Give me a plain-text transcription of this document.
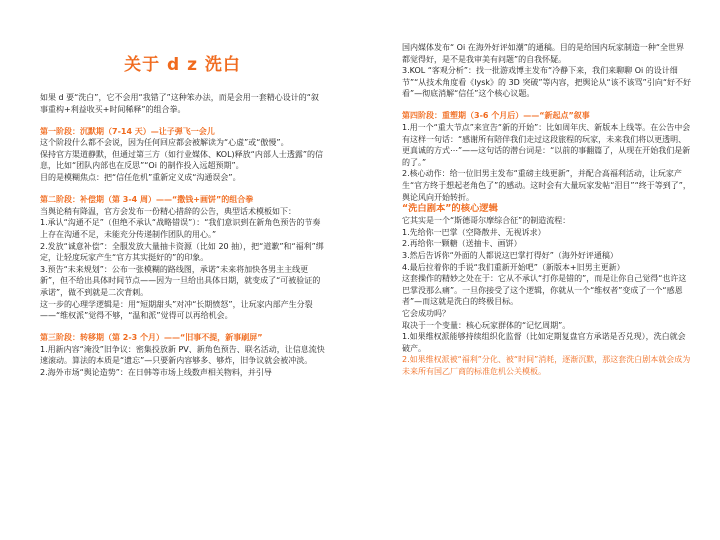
关于 d z 洗白
如果 d 要“洗白”，它不会用“我错了”这种笨办法，而是会用一套精心设计的“叙事重构+利益收买+时间稀释”的组合拳。
第一阶段：沉默期（7-14 天）—让子弹飞一会儿
这个阶段什么都不会说，因为任何回应都会被解读为“心虚”或“傲慢”。
保持官方渠道静默，但通过第三方（如行业媒体、KOL)释放“内部人士透露”的信息，比如“团队内部也在反思”“Oi 的制作投入远超预期”。
目的是模糊焦点：把“信任危机”重新定义成“沟通误会”。
第二阶段：补偿期（第 3-4 周）——“撒钱+画饼”的组合拳
当舆论稍有降温，官方会发布一份精心措辞的公告，典型话术模板如下：
1.承认“沟通不足”（但绝不承认“战略错误”）：“我们意识到在新角色预告的节奏上存在沟通不足，未能充分传递制作团队的用心。”
2.发放“诚意补偿”：全服发放大量抽卡资源（比如 20 抽），把“道歉”和“福利”绑定，让轻度玩家产生“官方其实挺好的”的印象。
3.预告“未来规划”：公布一张模糊的路线图，承诺“未来将加快各男主主线更新”，但不给出具体时间节点——因为一旦给出具体日期，就变成了“可被验证的承诺”，做不到就是二次背刺。
这一步的心理学逻辑是：用“短期甜头”对冲“长期愤怒”，让玩家内部产生分裂——“维权派”觉得不够，“温和派”觉得可以再给机会。
第三阶段：转移期（第 2-3 个月）——“旧事不提，新事刷屏”
1.用新内容“淹没”旧争议：密集投放新 PV、新角色预告、联名活动，让信息流快速滚动。算法的本质是“遗忘”—只要新内容够多、够炸，旧争议就会被冲淡。
2.海外市场“舆论造势”：在日韩等市场上线数声相关物料，并引导
国内媒体发布“ Oi 在海外好评如潮”的通稿。目的是给国内玩家制造一种“全世界都觉得好，是不是我审美有问题”的自我怀疑。
3.KOL “客观分析”：找一批游戏博主发布“冷静下来，我们来聊聊 Oi 的设计细节”“从技术角度看《lysk》的 3D 突破”等内容，把舆论从“该不该骂”引向“好不好看”—彻底消解“信任”这个核心议题。
第四阶段：重塑期（3-6 个月后）——“新起点”叙事
1.用一个“重大节点”来宣告“新的开始”：比如周年庆、新版本上线等。在公告中会有这样一句话：“感谢所有陪伴我们走过这段旅程的玩家，未来我们将以更透明、更真诚的方式⋯”——这句话的潜台词是：“以前的事翻篇了，从现在开始我们是新的了。”
2.核心动作：给一位旧男主发布“重磅主线更新”，并配合高福利活动，让玩家产生“官方终于想起老角色了”的感动。这时会有大量玩家发帖“泪目”“终于等到了”，舆论风向开始转折。
“洗白剧本”的核心逻辑
它其实是一个“斯德哥尔摩综合征”的制造流程：
1.先给你一巴掌（空降散井、无视诉求）
2.再给你一颗糖（送抽卡、画饼）
3.然后告诉你“外面的人都说这巴掌打得好”（海外好评通稿）
4.最后拉着你的手说“我们重新开始吧”（新版本+旧男主更新）
这套操作的精妙之处在于：它从不承认“打你是错的”，而是让你自己觉得“也许这巴掌没那么痛”。一旦你接受了这个逻辑，你就从一个“维权者”变成了一个“感恩者”—而这就是洗白的终极目标。
它会成功吗？
取决于一个变量：核心玩家群体的“记忆周期”。
1.如果维权派能够持续组织化监督（比如定期复盘官方承诺是否兑现），洗白就会破产。
2.如果维权派被“福利”分化、被“时间”消耗，逐渐沉默，那这套洗白剧本就会成为未来所有国乙厂商的标准危机公关模板。
